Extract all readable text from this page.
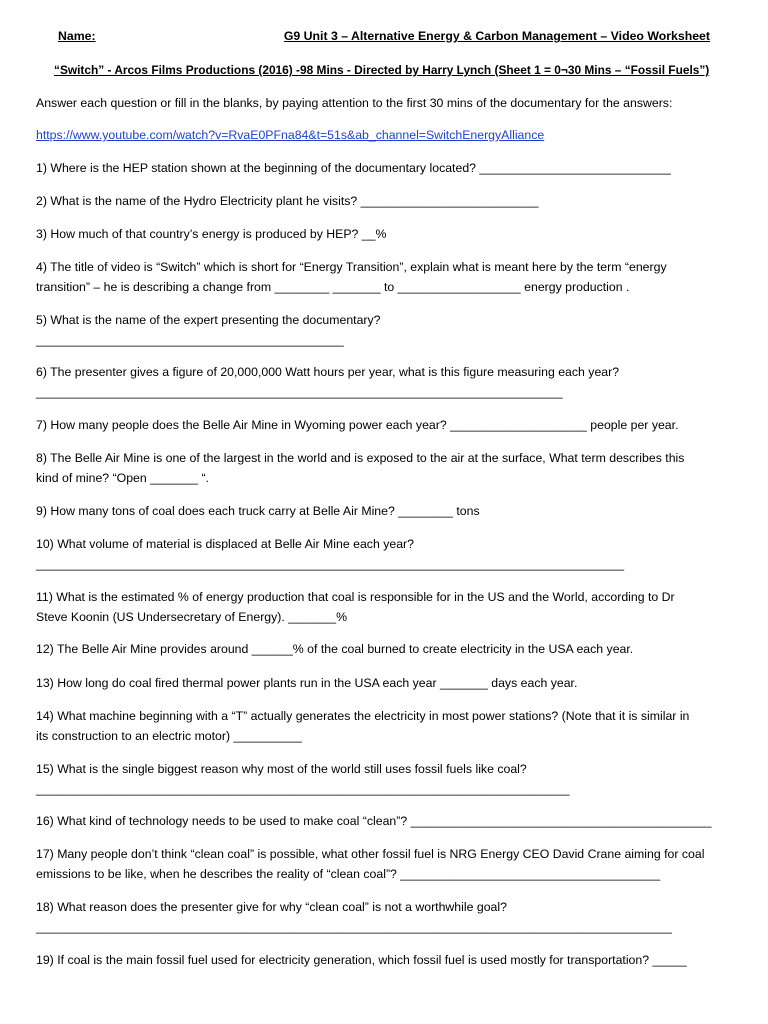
Name:	G9 Unit 3 – Alternative Energy & Carbon Management – Video Worksheet
“Switch” - Arcos Films Productions (2016) -98 Mins - Directed by Harry Lynch (Sheet 1 = 0¬30 Mins – “Fossil Fuels”)
Answer each question or fill in the blanks, by paying attention to the first 30 mins of the documentary for the answers:
https://www.youtube.com/watch?v=RvaE0PFna84&t=51s&ab_channel=SwitchEnergyAlliance
1) Where is the HEP station shown at the beginning of the documentary located? ____________________________
2) What is the name of the Hydro Electricity plant he visits? __________________________
3) How much of that country’s energy is produced by HEP? __%
4) The title of video is “Switch” which is short for “Energy Transition”, explain what is meant here by the term “energy
transition” – he is describing a change from ________ _______ to __________________ energy production .
5) What is the name of the expert presenting the documentary?
_____________________________________________
6) The presenter gives a figure of 20,000,000 Watt hours per year, what is this figure measuring each year?
_____________________________________________________________________________
7) How many people does the Belle Air Mine in Wyoming power each year? ____________________ people per year.
8) The Belle Air Mine is one of the largest in the world and is exposed to the air at the surface, What term describes this
kind of mine? “Open _______ “.
9) How many tons of coal does each truck carry at Belle Air Mine? ________ tons
10) What volume of material is displaced at Belle Air Mine each year?
______________________________________________________________________________________
11) What is the estimated % of energy production that coal is responsible for in the US and the World, according to Dr
Steve Koonin (US Undersecretary of Energy). _______%
12) The Belle Air Mine provides around ______% of the coal burned to create electricity in the USA each year.
13) How long do coal fired thermal power plants run in the USA each year _______ days each year.
14) What machine beginning with a “T” actually generates the electricity in most power stations? (Note that it is similar in
its construction to an electric motor) __________
15) What is the single biggest reason why most of the world still uses fossil fuels like coal?
______________________________________________________________________________
16) What kind of technology needs to be used to make coal “clean”? ____________________________________________
17) Many people don’t think “clean coal” is possible, what other fossil fuel is NRG Energy CEO David Crane aiming for coal
emissions to be like, when he describes the reality of “clean coal”? ______________________________________
18) What reason does the presenter give for why “clean coal” is not a worthwhile goal?
_____________________________________________________________________________________________
19) If coal is the main fossil fuel used for electricity generation, which fossil fuel is used mostly for transportation? _____
